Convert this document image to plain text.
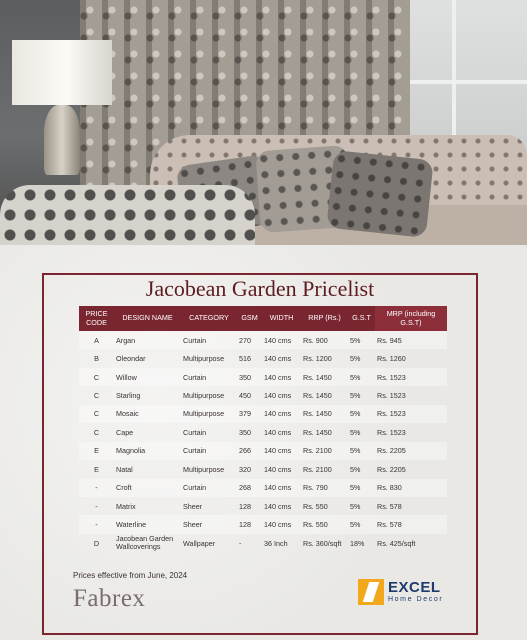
Jacobean Garden Pricelist
PRICE CODE	DESIGN NAME	CATEGORY	GSM	WIDTH	RRP (Rs.)	G.S.T	MRP (including G.S.T)
A	Argan	Curtain	270	140 cms	Rs. 900	5%	Rs. 945
B	Oleondar	Multipurpose	516	140 cms	Rs. 1200	5%	Rs. 1260
C	Willow	Curtain	350	140 cms	Rs. 1450	5%	Rs. 1523
C	Starling	Multipurpose	450	140 cms	Rs. 1450	5%	Rs. 1523
C	Mosaic	Multipurpose	379	140 cms	Rs. 1450	5%	Rs. 1523
C	Cape	Curtain	350	140 cms	Rs. 1450	5%	Rs. 1523
E	Magnolia	Curtain	266	140 cms	Rs. 2100	5%	Rs. 2205
E	Natal	Multipurpose	320	140 cms	Rs. 2100	5%	Rs. 2205
-	Croft	Curtain	268	140 cms	Rs. 790	5%	Rs. 830
-	Matrix	Sheer	128	140 cms	Rs. 550	5%	Rs. 578
-	Waterline	Sheer	128	140 cms	Rs. 550	5%	Rs. 578
D	Jacobean Garden Wallcoverings	Wallpaper	-	36 Inch	Rs. 360/sqft	18%	Rs. 425/sqft
Prices effective from June, 2024
Fabrex	EXCEL
Home Decor
